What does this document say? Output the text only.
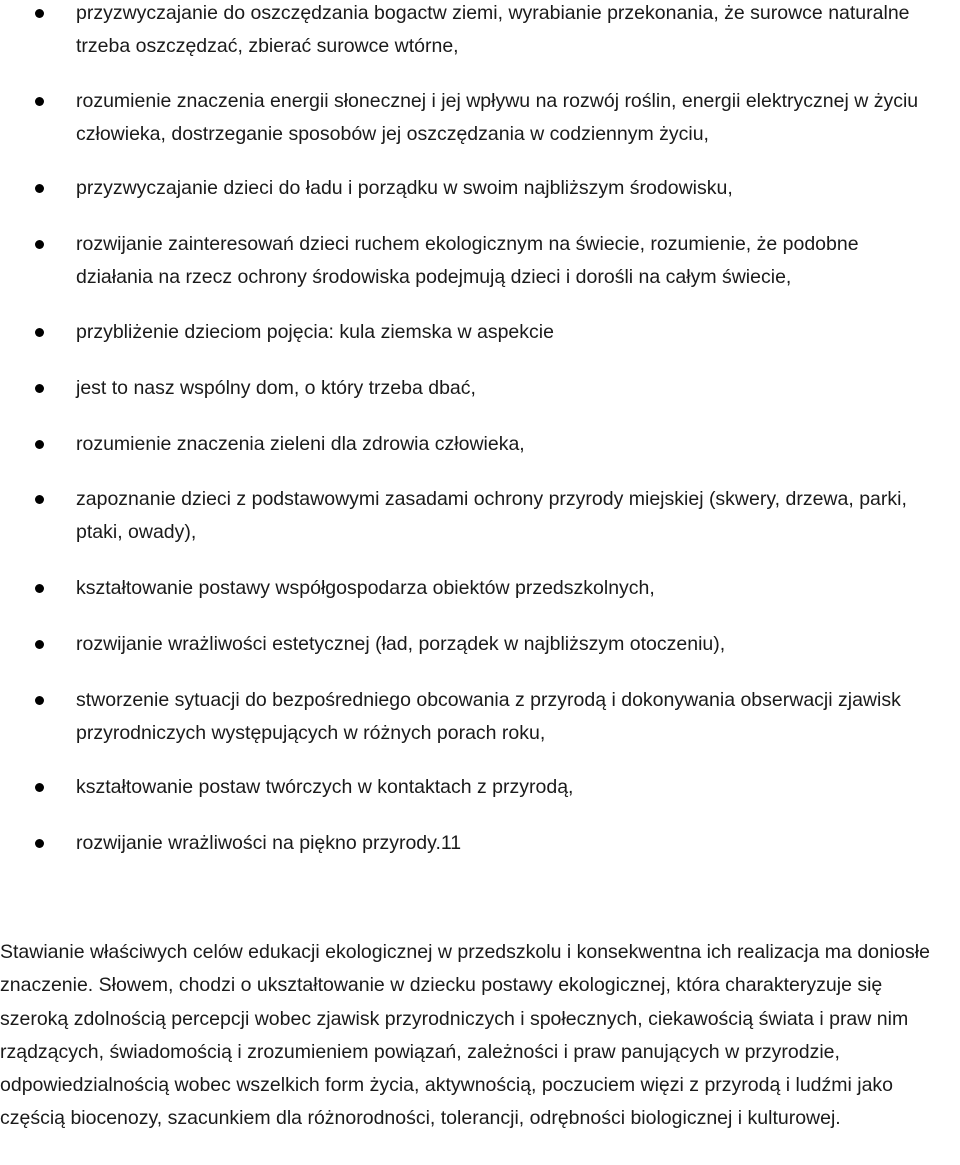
przyzwyczajanie do oszczędzania bogactw ziemi, wyrabianie przekonania, że surowce naturalne trzeba oszczędzać, zbierać surowce wtórne,
rozumienie znaczenia energii słonecznej i jej wpływu na rozwój roślin, energii elektrycznej w życiu człowieka, dostrzeganie sposobów jej oszczędzania w codziennym życiu,
przyzwyczajanie dzieci do ładu i porządku w swoim najbliższym środowisku,
rozwijanie zainteresowań dzieci ruchem ekologicznym na świecie, rozumienie, że podobne działania na rzecz ochrony środowiska podejmują dzieci i dorośli na całym świecie,
przybliżenie dzieciom pojęcia: kula ziemska w aspekcie
jest to nasz wspólny dom, o który trzeba dbać,
rozumienie znaczenia zieleni dla zdrowia człowieka,
zapoznanie dzieci z podstawowymi zasadami ochrony przyrody miejskiej (skwery, drzewa, parki, ptaki, owady),
kształtowanie postawy współgospodarza obiektów przedszkolnych,
rozwijanie wrażliwości estetycznej (ład, porządek w najbliższym otoczeniu),
stworzenie sytuacji do bezpośredniego obcowania z przyrodą i dokonywania obserwacji zjawisk przyrodniczych występujących w różnych porach roku,
kształtowanie postaw twórczych w kontaktach z przyrodą,
rozwijanie wrażliwości na piękno przyrody.11

Stawianie właściwych celów edukacji ekologicznej w przedszkolu i konsekwentna ich realizacja ma doniosłe znaczenie. Słowem, chodzi o ukształtowanie w dziecku postawy ekologicznej, która charakteryzuje się szeroką zdolnością percepcji wobec zjawisk przyrodniczych i społecznych, ciekawością świata i praw nim rządzących, świadomością i zrozumieniem powiązań, zależności i praw panujących w przyrodzie, odpowiedzialnością wobec wszelkich form życia, aktywnością, poczuciem więzi z przyrodą i ludźmi jako częścią biocenozy, szacunkiem dla różnorodności, tolerancji, odrębności biologicznej i kulturowej.
